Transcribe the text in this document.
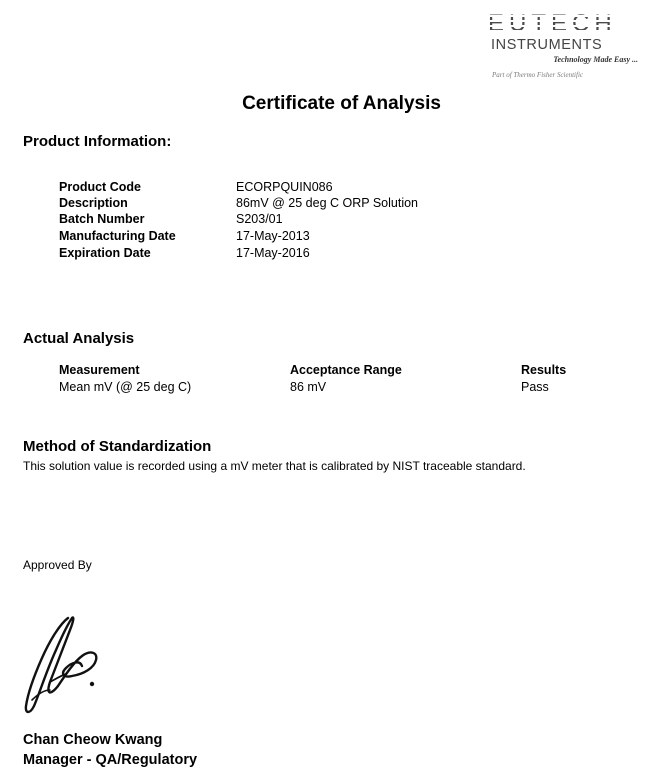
EUTECH
INSTRUMENTS
Technology Made Easy ...
Part of Thermo Fisher Scientific
Certificate of Analysis
Product Information:
Product Code	ECORPQUIN086
Description	86mV @ 25 deg C ORP Solution
Batch Number	S203/01
Manufacturing Date	17-May-2013
Expiration Date	17-May-2016
Actual Analysis
Measurement	Acceptance Range	Results
Mean mV (@ 25 deg C)	86 mV	Pass
Method of Standardization
This solution value is recorded using a mV meter that is calibrated by NIST traceable standard.
Approved By
Chan Cheow Kwang
Manager - QA/Regulatory
